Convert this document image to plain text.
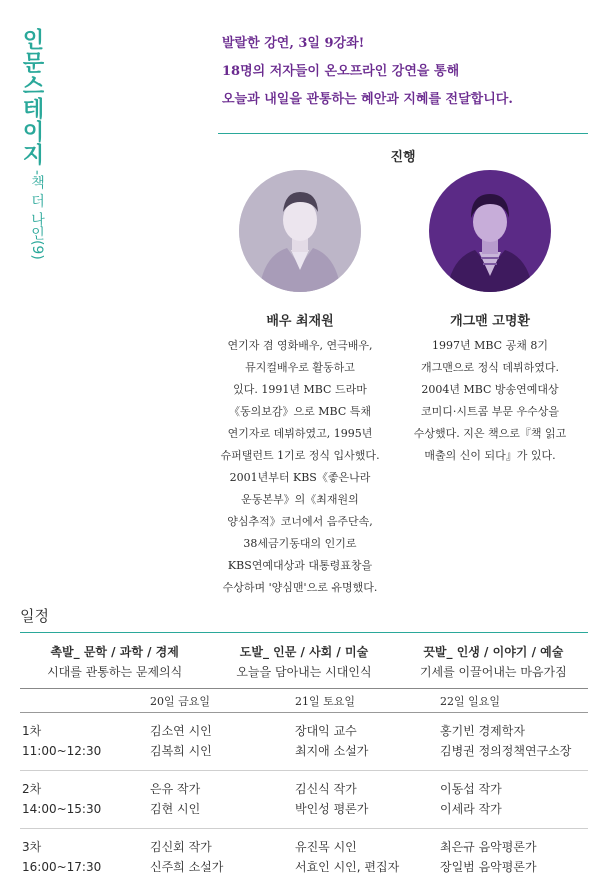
인문스테이지
-책 더 나인(9)
발랄한 강연, 3일 9강좌!
18명의 저자들이 온오프라인 강연을 통해
오늘과 내일을 관통하는 혜안과 지혜를 전달합니다.
진행
배우 최재원
연기자 겸 영화배우, 연극배우,
뮤지컬배우로 활동하고
있다. 1991년 MBC 드라마
《동의보감》으로 MBC 특채
연기자로 데뷔하였고, 1995년
슈퍼탤런트 1기로 정식 입사했다.
2001년부터 KBS《좋은나라
운동본부》의《최재원의
양심추적》코너에서 음주단속,
38세금기동대의 인기로
KBS연예대상과 대통령표창을
수상하며 '양심맨'으로 유명했다.
개그맨 고명환
1997년 MBC 공채 8기
개그맨으로 정식 데뷔하였다.
2004년 MBC 방송연예대상
코미디·시트콤 부문 우수상을
수상했다. 지은 책으로『책 읽고
매출의 신이 되다』가 있다.
일정
촉발_ 문학 / 과학 / 경제
시대를 관통하는 문제의식
도발_ 인문 / 사회 / 미술
오늘을 담아내는 시대인식
끗발_ 인생 / 이야기 / 예술
기세를 이끌어내는 마음가짐
20일 금요일	21일 토요일	22일 일요일
1차
11:00~12:30
김소연 시인
김복희 시인
장대익 교수
최지애 소설가
홍기빈 경제학자
김병권 정의정책연구소장
2차
14:00~15:30
은유 작가
김현 시인
김신식 작가
박인성 평론가
이동섭 작가
이세라 작가
3차
16:00~17:30
김신회 작가
신주희 소설가
유진목 시인
서효인 시인, 편집자
최은규 음악평론가
장일범 음악평론가
